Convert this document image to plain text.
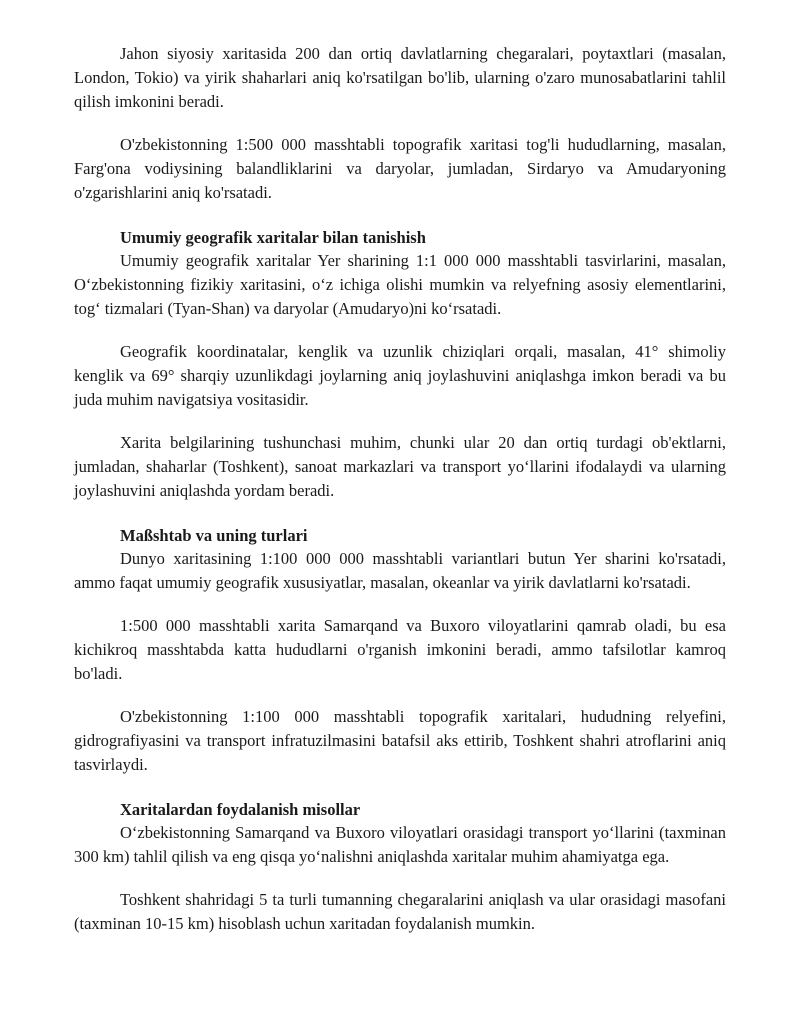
Jahon siyosiy xaritasida 200 dan ortiq davlatlarning chegaralari, poytaxtlari (masalan, London, Tokio) va yirik shaharlari aniq ko'rsatilgan bo'lib, ularning o'zaro munosabatlarini tahlil qilish imkonini beradi.

O'zbekistonning 1:500 000 masshtabli topografik xaritasi tog'li hududlarning, masalan, Farg'ona vodiysining balandliklarini va daryolar, jumladan, Sirdaryo va Amudaryoning o'zgarishlarini aniq ko'rsatadi.

Umumiy geografik xaritalar bilan tanishish

Umumiy geografik xaritalar Yer sharining 1:1 000 000 masshtabli tasvirlarini, masalan, O‘zbekistonning fizikiy xaritasini, o‘z ichiga olishi mumkin va relyefning asosiy elementlarini, tog‘ tizmalari (Tyan-Shan) va daryolar (Amudaryo)ni ko‘rsatadi.

Geografik koordinatalar, kenglik va uzunlik chiziqlari orqali, masalan, 41° shimoliy kenglik va 69° sharqiy uzunlikdagi joylarning aniq joylashuvini aniqlashga imkon beradi va bu juda muhim navigatsiya vositasidir.

Xarita belgilarining tushunchasi muhim, chunki ular 20 dan ortiq turdagi ob'ektlarni, jumladan, shaharlar (Toshkent), sanoat markazlari va transport yo‘llarini ifodalaydi va ularning joylashuvini aniqlashda yordam beradi.

Maßshtab va uning turlari

Dunyo xaritasining 1:100 000 000 masshtabli variantlari butun Yer sharini ko'rsatadi, ammo faqat umumiy geografik xususiyatlar, masalan, okeanlar va yirik davlatlarni ko'rsatadi.

1:500 000 masshtabli xarita Samarqand va Buxoro viloyatlarini qamrab oladi, bu esa kichikroq masshtabda katta hududlarni o'rganish imkonini beradi, ammo tafsilotlar kamroq bo'ladi.

O'zbekistonning 1:100 000 masshtabli topografik xaritalari, hududning relyefini, gidrografiyasini va transport infratuzilmasini batafsil aks ettirib, Toshkent shahri atroflarini aniq tasvirlaydi.

Xaritalardan foydalanish misollar

O‘zbekistonning Samarqand va Buxoro viloyatlari orasidagi transport yo‘llarini (taxminan 300 km) tahlil qilish va eng qisqa yo‘nalishni aniqlashda xaritalar muhim ahamiyatga ega.

Toshkent shahridagi 5 ta turli tumanning chegaralarini aniqlash va ular orasidagi masofani (taxminan 10-15 km) hisoblash uchun xaritadan foydalanish mumkin.
